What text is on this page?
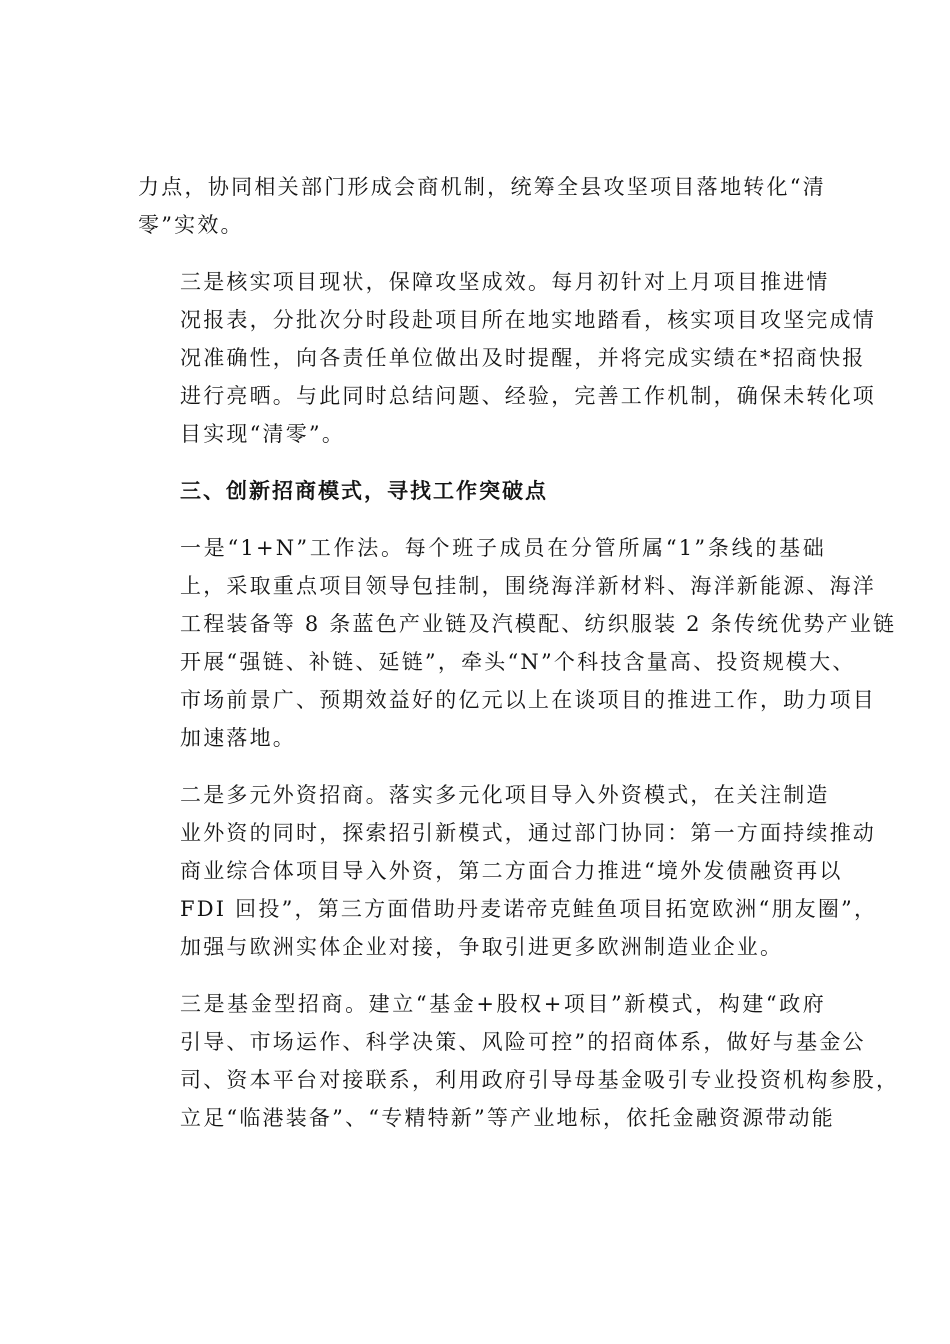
力点，协同相关部门形成会商机制，统筹全县攻坚项目落地转化“清
零”实效。

三是核实项目现状，保障攻坚成效。每月初针对上月项目推进情
况报表，分批次分时段赴项目所在地实地踏看，核实项目攻坚完成情
况准确性，向各责任单位做出及时提醒，并将完成实绩在*招商快报
进行亮晒。与此同时总结问题、经验，完善工作机制，确保未转化项
目实现“清零”。

三、创新招商模式，寻找工作突破点

一是“1+N”工作法。每个班子成员在分管所属“1”条线的基础
上，采取重点项目领导包挂制，围绕海洋新材料、海洋新能源、海洋
工程装备等 8 条蓝色产业链及汽模配、纺织服装 2 条传统优势产业链
开展“强链、补链、延链”，牵头“N”个科技含量高、投资规模大、
市场前景广、预期效益好的亿元以上在谈项目的推进工作，助力项目
加速落地。

二是多元外资招商。落实多元化项目导入外资模式，在关注制造
业外资的同时，探索招引新模式，通过部门协同：第一方面持续推动
商业综合体项目导入外资，第二方面合力推进“境外发债融资再以
FDI 回投”，第三方面借助丹麦诺帝克鲑鱼项目拓宽欧洲“朋友圈”，
加强与欧洲实体企业对接，争取引进更多欧洲制造业企业。

三是基金型招商。建立“基金+股权+项目”新模式，构建“政府
引导、市场运作、科学决策、风险可控”的招商体系，做好与基金公
司、资本平台对接联系，利用政府引导母基金吸引专业投资机构参股，
立足“临港装备”、“专精特新”等产业地标，依托金融资源带动能
